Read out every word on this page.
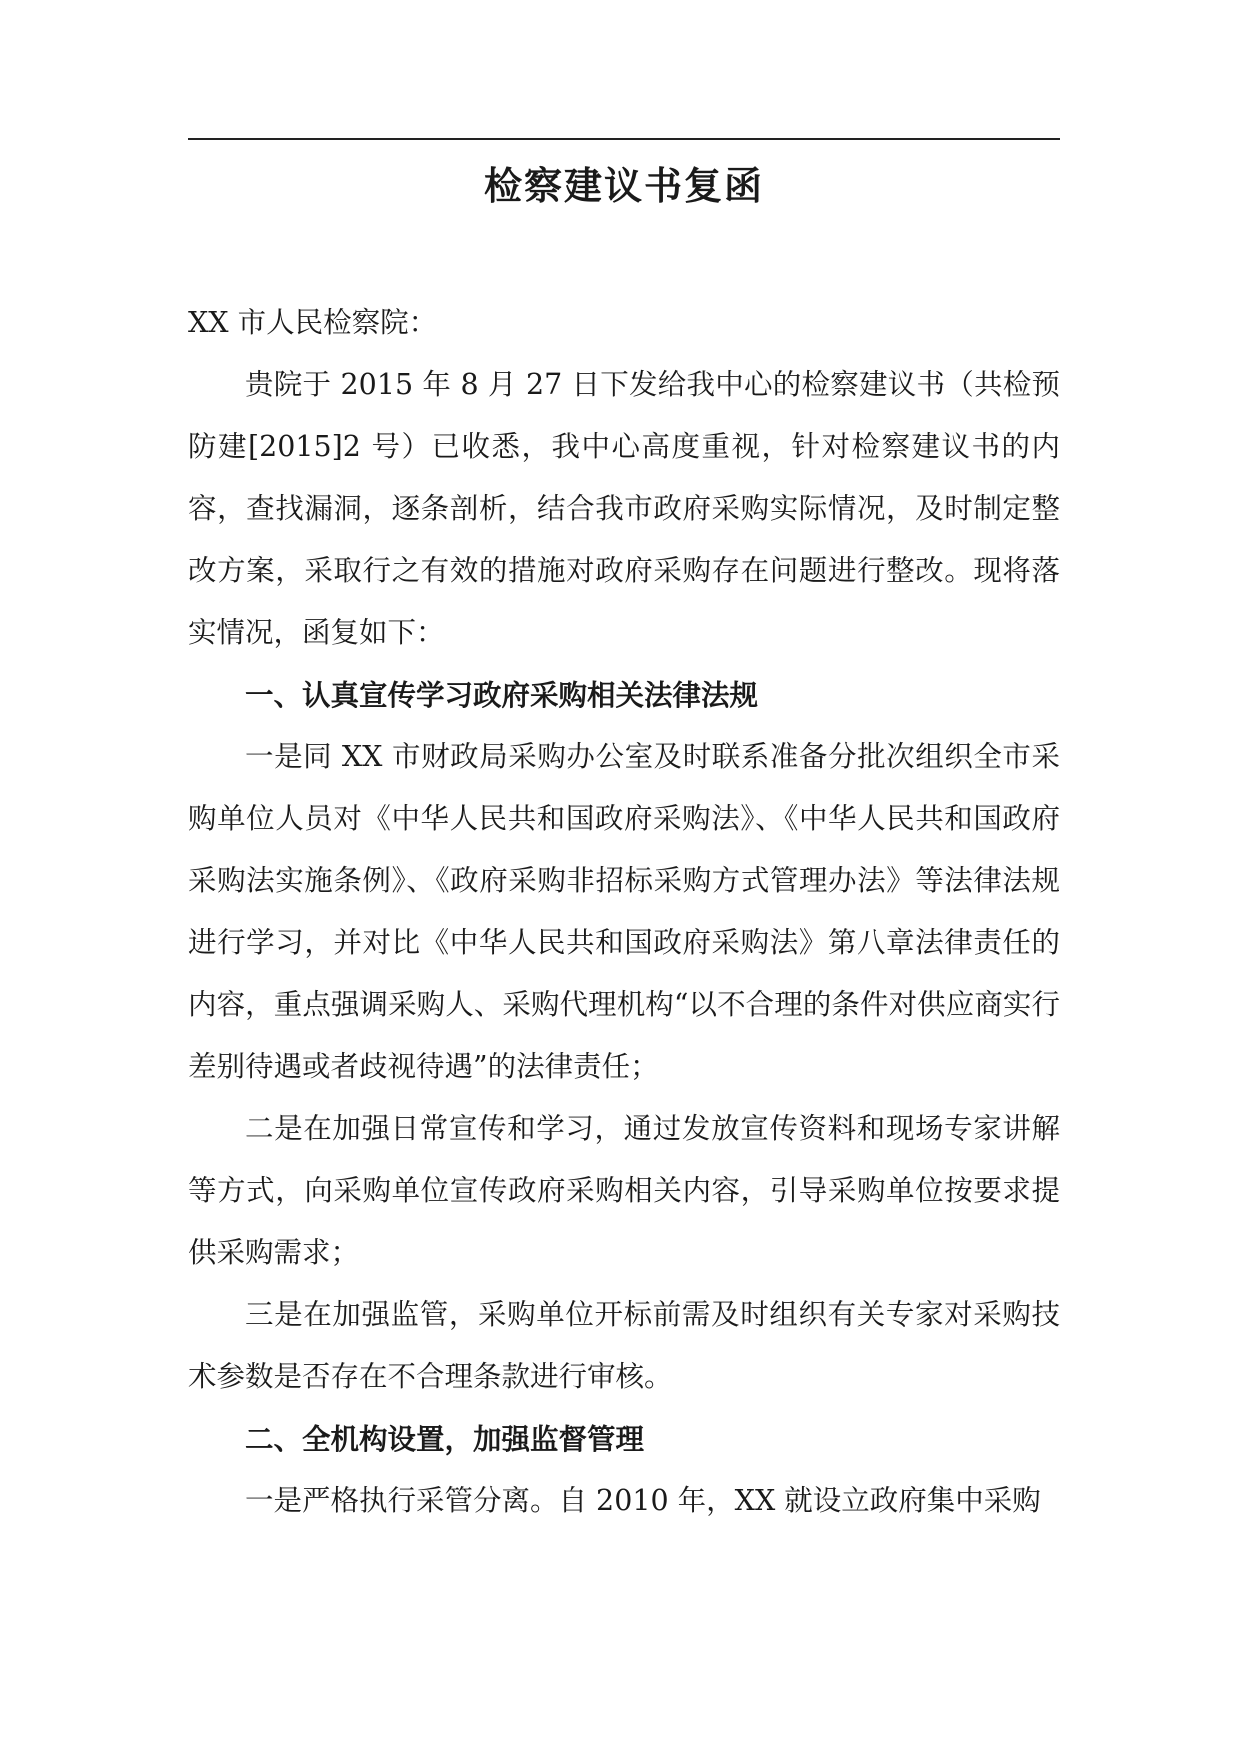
检察建议书复函

XX 市人民检察院：

贵院于 2015 年 8 月 27 日下发给我中心的检察建议书（共检预防建[2015]2 号）已收悉，我中心高度重视，针对检察建议书的内容，查找漏洞，逐条剖析，结合我市政府采购实际情况，及时制定整改方案，采取行之有效的措施对政府采购存在问题进行整改。现将落实情况，函复如下：

一、认真宣传学习政府采购相关法律法规

一是同 XX 市财政局采购办公室及时联系准备分批次组织全市采购单位人员对《中华人民共和国政府采购法》、《中华人民共和国政府采购法实施条例》、《政府采购非招标采购方式管理办法》等法律法规进行学习，并对比《中华人民共和国政府采购法》第八章法律责任的内容，重点强调采购人、采购代理机构“以不合理的条件对供应商实行差别待遇或者歧视待遇”的法律责任；

二是在加强日常宣传和学习，通过发放宣传资料和现场专家讲解等方式，向采购单位宣传政府采购相关内容，引导采购单位按要求提供采购需求；

三是在加强监管，采购单位开标前需及时组织有关专家对采购技术参数是否存在不合理条款进行审核。

二、全机构设置，加强监督管理

一是严格执行采管分离。自 2010 年，XX 就设立政府集中采购
